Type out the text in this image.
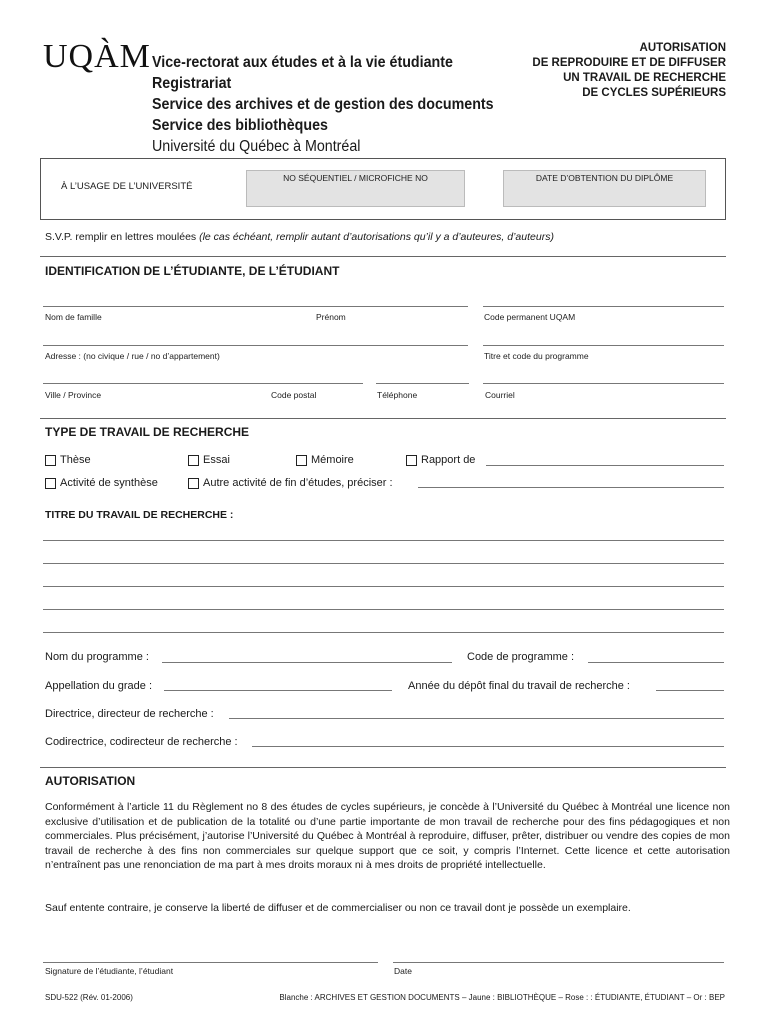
UQÀM Vice-rectorat aux études et à la vie étudiante
Registrariat
Service des archives et de gestion des documents
Service des bibliothèques
Université du Québec à Montréal
AUTORISATION
DE REPRODUIRE ET DE DIFFUSER
UN TRAVAIL DE RECHERCHE
DE CYCLES SUPÉRIEURS
À L’USAGE DE L’UNIVERSITÉ
NO SÉQUENTIEL / MICROFICHE NO	DATE D’OBTENTION DU DIPLÔME
S.V.P. remplir en lettres moulées (le cas échéant, remplir autant d’autorisations qu’il y a d’auteures, d’auteurs)
IDENTIFICATION DE L’ÉTUDIANTE, DE L’ÉTUDIANT
Nom de famille	Prénom	Code permanent UQAM
Adresse : (no civique / rue / no d’appartement)	Titre et code du programme
Ville / Province	Code postal	Téléphone	Courriel
TYPE DE TRAVAIL DE RECHERCHE
Thèse	Essai	Mémoire	Rapport de
Activité de synthèse	Autre activité de fin d’études, préciser :
TITRE DU TRAVAIL DE RECHERCHE :
Nom du programme :	Code de programme :
Appellation du grade :	Année du dépôt final du travail de recherche :
Directrice, directeur de recherche :
Codirectrice, codirecteur de recherche :
AUTORISATION
Conformément à l’article 11 du Règlement no 8 des études de cycles supérieurs, je concède à l’Université du Québec à Montréal une licence non exclusive d’utilisation et de publication de la totalité ou d’une partie importante de mon travail de recherche pour des fins pédagogiques et non commerciales. Plus précisément, j’autorise l’Université du Québec à Montréal à reproduire, diffuser, prêter, distribuer ou vendre des copies de mon travail de recherche à des fins non commerciales sur quelque support que ce soit, y compris l’Internet. Cette licence et cette autorisation n’entraînent pas une renonciation de ma part à mes droits moraux ni à mes droits de propriété intellectuelle.
Sauf entente contraire, je conserve la liberté de diffuser et de commercialiser ou non ce travail dont je possède un exemplaire.
Signature de l’étudiante, l’étudiant	Date
SDU-522 (Rév. 01-2006)	Blanche : ARCHIVES ET GESTION DOCUMENTS – Jaune : BIBLIOTHÈQUE – Rose : : ÉTUDIANTE, ÉTUDIANT – Or : BEP
